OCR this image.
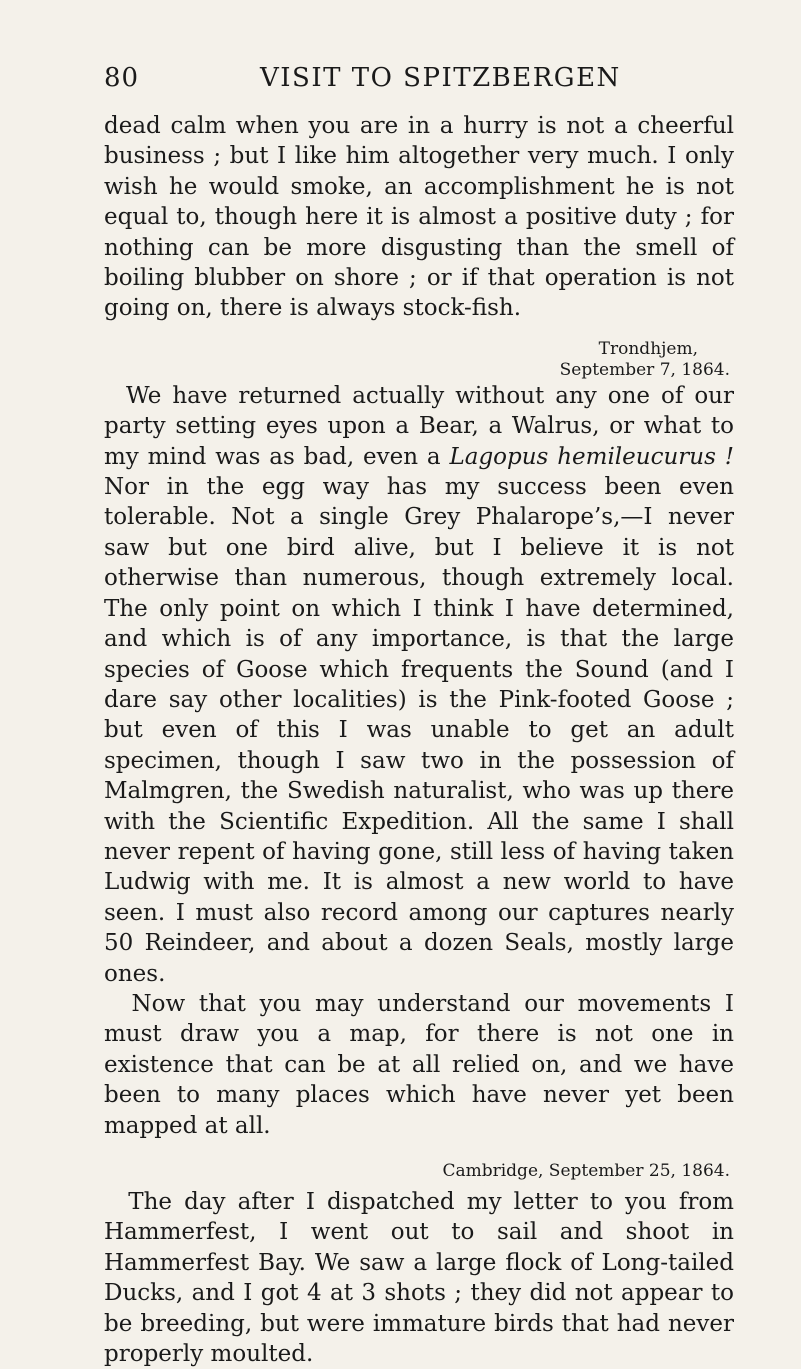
80	VISIT TO SPITZBERGEN

dead calm when you are in a hurry is not a cheerful business ; but I like him altogether very much. I only wish he would smoke, an accomplishment he is not equal to, though here it is almost a positive duty ; for nothing can be more disgusting than the smell of boiling blubber on shore ; or if that operation is not going on, there is always stock-fish.

Trondhjem,

September 7, 1864.

We have returned actually without any one of our party setting eyes upon a Bear, a Walrus, or what to my mind was as bad, even a Lagopus hemileucurus ! Nor in the egg way has my success been even tolerable. Not a single Grey Phalarope’s,—I never saw but one bird alive, but I believe it is not otherwise than numerous, though extremely local. The only point on which I think I have determined, and which is of any importance, is that the large species of Goose which frequents the Sound (and I dare say other localities) is the Pink-footed Goose ; but even of this I was unable to get an adult specimen, though I saw two in the possession of Malmgren, the Swedish naturalist, who was up there with the Scientific Expedition. All the same I shall never repent of having gone, still less of having taken Ludwig with me. It is almost a new world to have seen. I must also record among our captures nearly 50 Reindeer, and about a dozen Seals, mostly large ones.

Now that you may understand our movements I must draw you a map, for there is not one in existence that can be at all relied on, and we have been to many places which have never yet been mapped at all.

Cambridge, September 25, 1864.

The day after I dispatched my letter to you from Hammerfest, I went out to sail and shoot in Hammerfest Bay. We saw a large flock of Long-tailed Ducks, and I got 4 at 3 shots ; they did not appear to be breeding, but were immature birds that had never properly moulted.
